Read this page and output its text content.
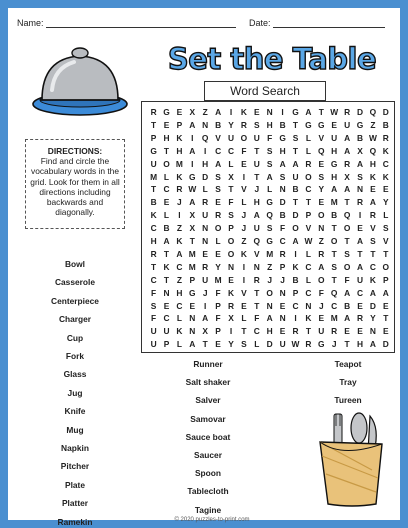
Name:	Date:
Set the Table
Word Search
DIRECTIONS:
Find and circle the vocabulary words in the grid. Look for them in all directions including backwards and diagonally.
R G E X Z A	I	K E N	I	G A T W R D Q D
T E P A N B Y R S H B T G G E U G Z B
P H K	I	Q V U O U F G S L V U A B W R
G T H A	I	C C F T S H T L Q H A X Q K
U O M I	H A L E U S A A R E G R A H C
M L K G D S X	I	T A S U O S H X S K K
T C R W L S T V J L N B C Y A A N E E
B E J A R E F L H G D T T E M T R A Y
K L	I	X U R S J A Q B D P O B Q	I	R L
C B Z X N O P J U S F O V N T O E V S
H A K T N L O Z Q G C A W Z O T A S V
R T A M E E O K V M R	I	L R T S T T T
T K C M R Y N	I	N Z P K C A S O A C O
C T Z P U M E	I	R J J B L O T F U K P
F N H G J F K V T O N P C F Q A C A A
S E C E	I	P R E T N E C N J C B E D E
F C L N A F X L F A N	I	K E M A R Y T
U U K N X P	I	T C H E R T U R E E N E
U P L A T E Y S L D U W R G J T H A D
Bowl
Casserole
Centerpiece
Charger
Cup
Fork
Glass
Jug
Knife
Mug
Napkin
Pitcher
Plate
Platter
Ramekin
Runner
Salt shaker
Salver
Samovar
Sauce boat
Saucer
Spoon
Tablecloth
Tagine
Teapot
Tray
Tureen
© 2020 puzzles-to-print.com
